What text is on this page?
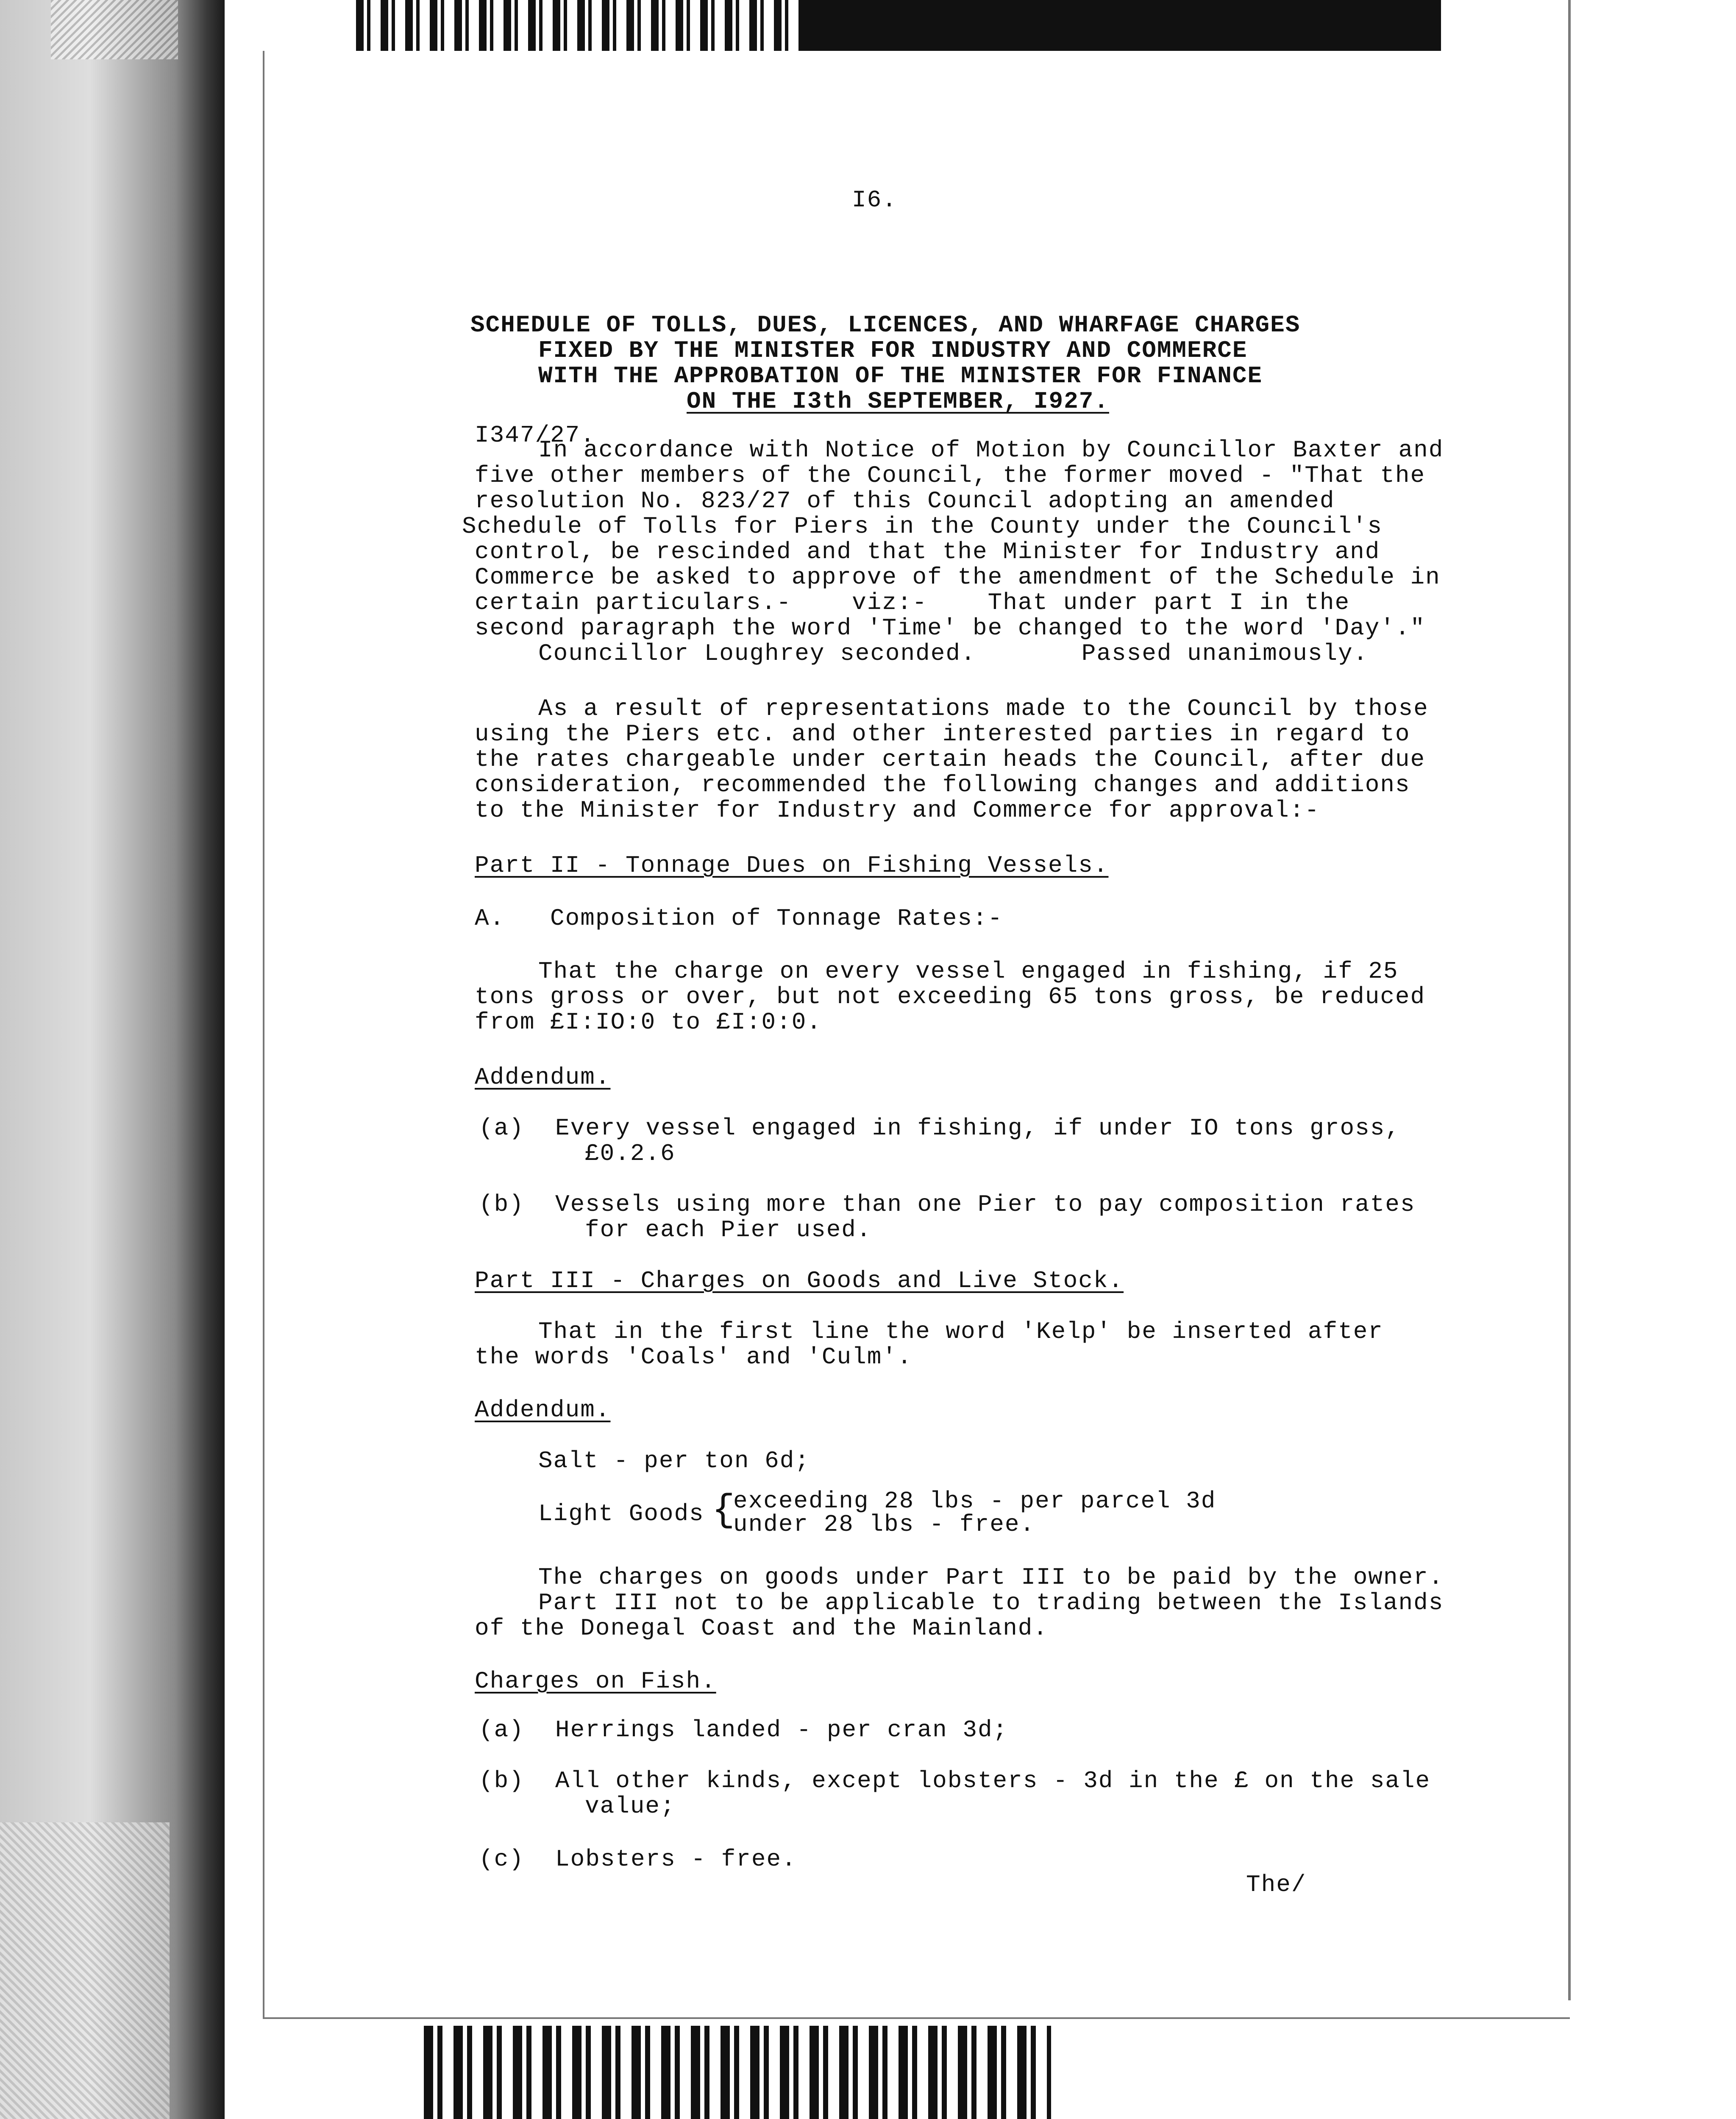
I6.

SCHEDULE OF TOLLS, DUES, LICENCES, AND WHARFAGE CHARGES

FIXED BY THE MINISTER FOR INDUSTRY AND COMMERCE

WITH THE APPROBATION OF THE MINISTER FOR FINANCE

ON THE I3th SEPTEMBER, I927.

I347/27.

In accordance with Notice of Motion by Councillor Baxter and

five other members of the Council, the former moved - "That the

resolution No. 823/27 of this Council adopting an amended

Schedule of Tolls for Piers in the County under the Council's

control, be rescinded and that the Minister for Industry and

Commerce be asked to approve of the amendment of the Schedule in

certain particulars.-    viz:-    That under part I in the

second paragraph the word 'Time' be changed to the word 'Day'."

Councillor Loughrey seconded.       Passed unanimously.

As a result of representations made to the Council by those

using the Piers etc. and other interested parties in regard to

the rates chargeable under certain heads the Council, after due

consideration, recommended the following changes and additions

to the Minister for Industry and Commerce for approval:-

Part II - Tonnage Dues on Fishing Vessels.

A.   Composition of Tonnage Rates:-

That the charge on every vessel engaged in fishing, if 25

tons gross or over, but not exceeding 65 tons gross, be reduced

from £I:IO:0 to £I:0:0.

Addendum.

(a) Every vessel engaged in fishing, if under IO tons gross,

£0.2.6

(b) Vessels using more than one Pier to pay composition rates

for each Pier used.

Part III - Charges on Goods and Live Stock.

That in the first line the word 'Kelp' be inserted after

the words 'Coals' and 'Culm'.

Addendum.

Salt - per ton 6d;

Light Goods {

exceeding 28 lbs - per parcel 3d

under 28 lbs - free.

The charges on goods under Part III to be paid by the owner.

Part III not to be applicable to trading between the Islands

of the Donegal Coast and the Mainland.

Charges on Fish.

(a) Herrings landed - per cran 3d;

(b) All other kinds, except lobsters - 3d in the £ on the sale

value;

(c) Lobsters - free.

The/
